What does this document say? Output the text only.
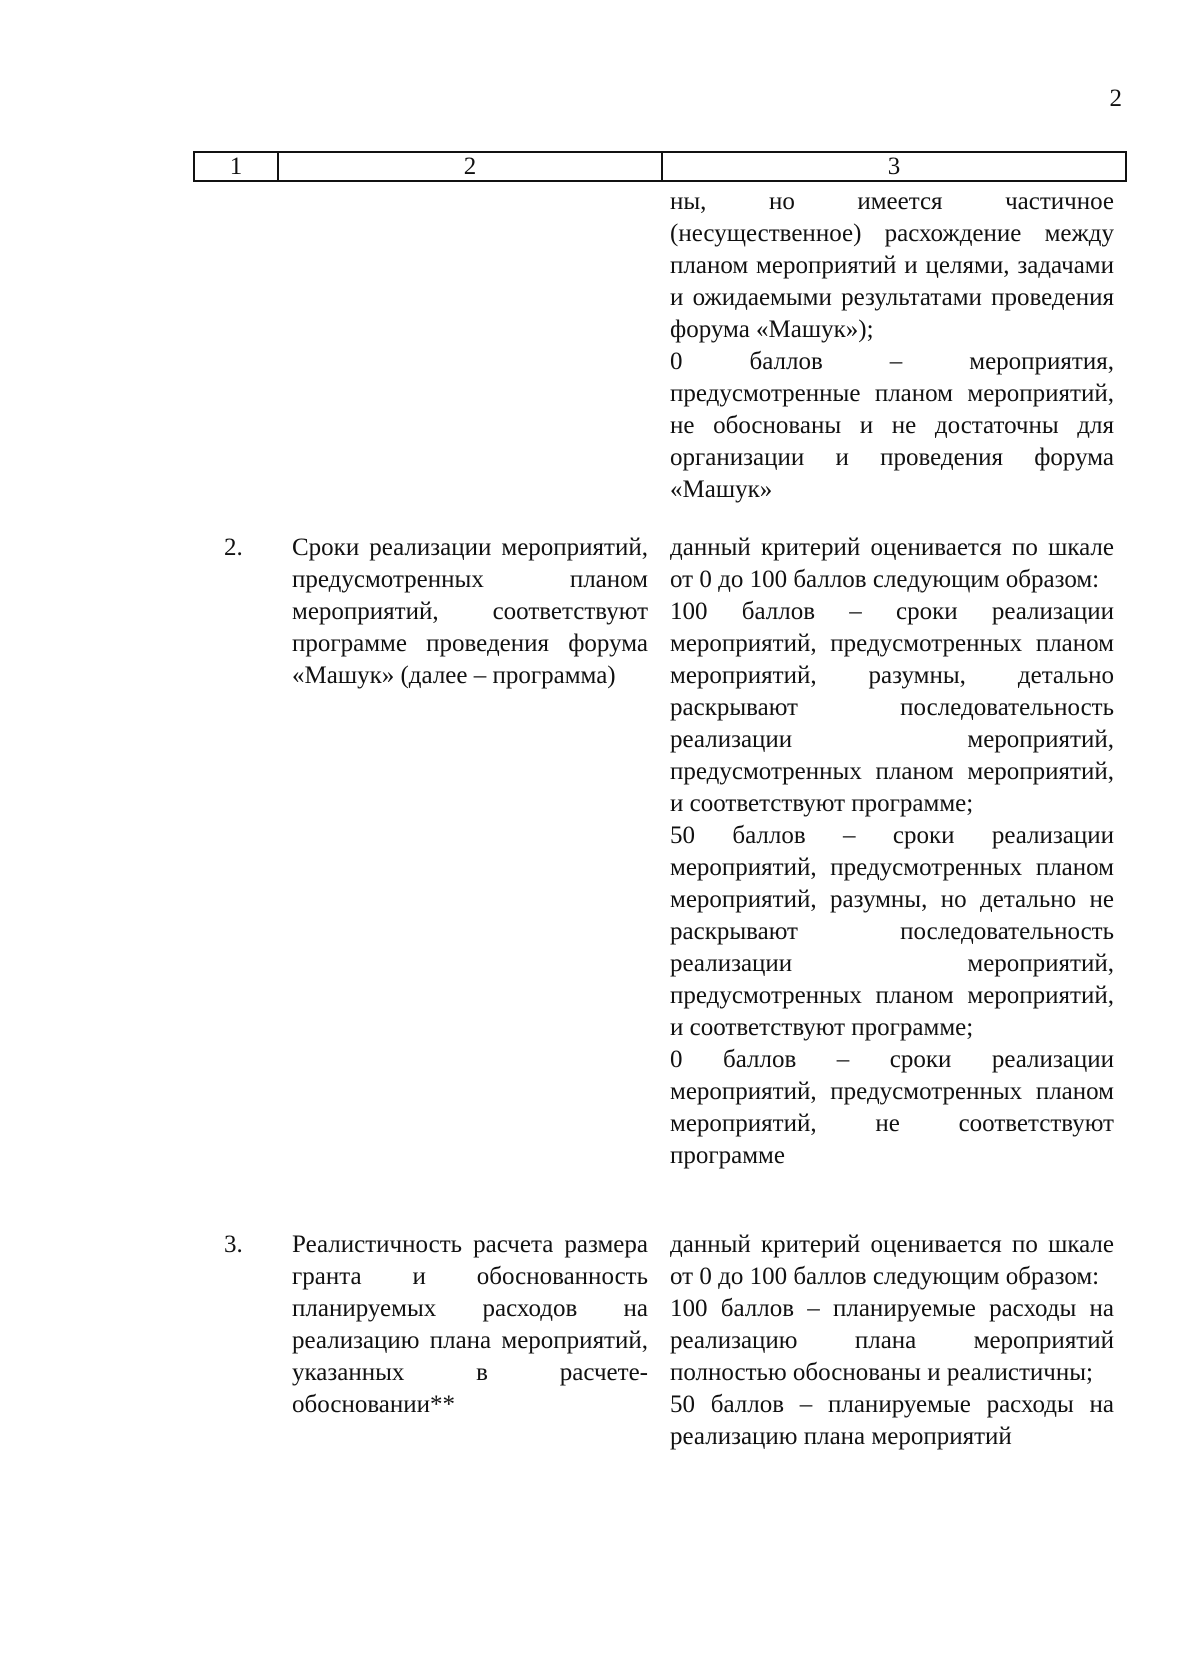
2
1	2	3

ны, но имеется частичное (несущественное) расхождение между планом мероприятий и целями, задачами и ожидаемыми результатами проведения форума «Машук»);

0 баллов – мероприятия, предусмотренные планом мероприятий, не обоснованы и не достаточны для организации и проведения форума «Машук»

2. Сроки реализации мероприятий, предусмотренных планом мероприятий, соответствуют программе проведения форума «Машук» (далее – программа)

данный критерий оценивается по шкале от 0 до 100 баллов следующим образом:

100 баллов – сроки реализации мероприятий, предусмотренных планом мероприятий, разумны, детально раскрывают последовательность реализации мероприятий, предусмотренных планом мероприятий, и соответствуют программе;

50 баллов – сроки реализации мероприятий, предусмотренных планом мероприятий, разумны, но детально не раскрывают последовательность реализации мероприятий, предусмотренных планом мероприятий, и соответствуют программе;

0 баллов – сроки реализации мероприятий, предусмотренных планом мероприятий, не соответствуют программе

3. Реалистичность расчета размера гранта и обоснованность планируемых расходов на реализацию плана мероприятий, указанных в расчете-обосновании**

данный критерий оценивается по шкале от 0 до 100 баллов следующим образом:

100 баллов – планируемые расходы на реализацию плана мероприятий полностью обоснованы и реалистичны;

50 баллов – планируемые расходы на реализацию плана мероприятий
